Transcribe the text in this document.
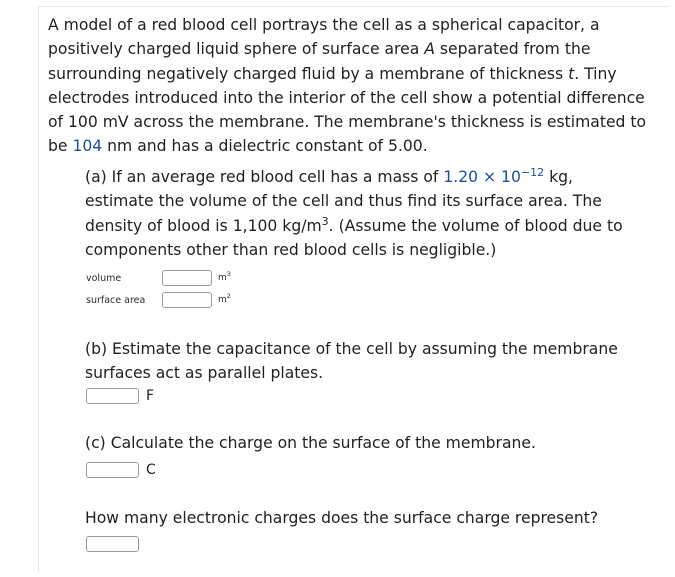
A model of a red blood cell portrays the cell as a spherical capacitor, a
positively charged liquid sphere of surface area A separated from the
surrounding negatively charged fluid by a membrane of thickness t. Tiny
electrodes introduced into the interior of the cell show a potential difference
of 100 mV across the membrane. The membrane's thickness is estimated to
be 104 nm and has a dielectric constant of 5.00.

(a) If an average red blood cell has a mass of $1.20 \times 10^{-12}$ kg,
estimate the volume of the cell and thus find its surface area. The
density of blood is 1,100 $kg/m^3$. (Assume the volume of blood due to
components other than red blood cells is negligible.)

volume	$m^3$
surface area	$m^2$

(b) Estimate the capacitance of the cell by assuming the membrane
surfaces act as parallel plates.

F

(c) Calculate the charge on the surface of the membrane.

C

How many electronic charges does the surface charge represent?
